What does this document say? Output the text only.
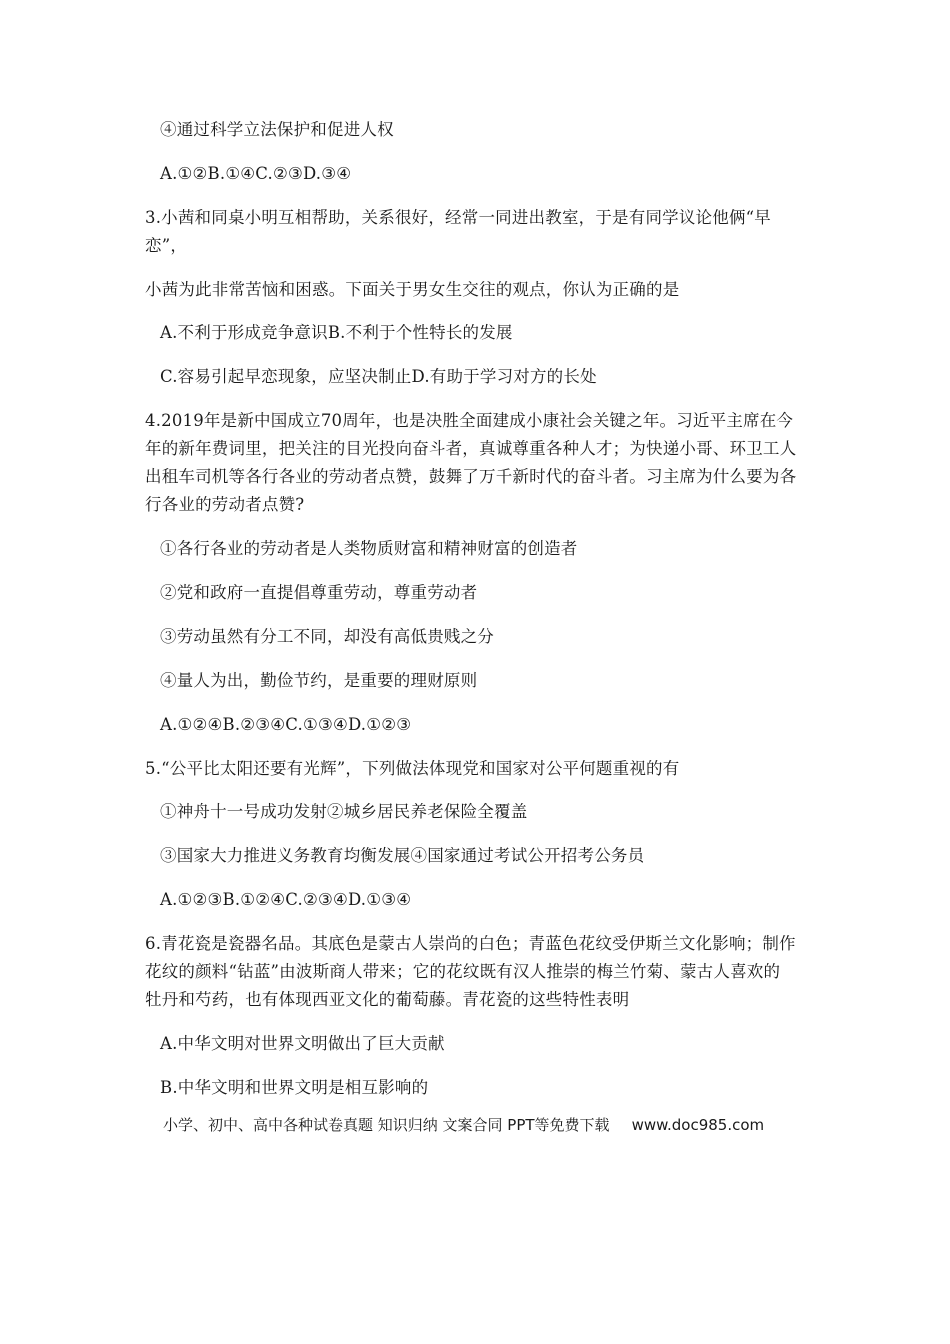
④通过科学立法保护和促进人权
A.①②B.①④C.②③D.③④
3.小茜和同桌小明互相帮助，关系很好，经常一同进出教室，于是有同学议论他俩“早
恋”，
小茜为此非常苦恼和困惑。下面关于男女生交往的观点，你认为正确的是
A.不利于形成竞争意识B.不利于个性特长的发展
C.容易引起早恋现象，应坚决制止D.有助于学习对方的长处
4.2019年是新中国成立70周年，也是决胜全面建成小康社会关键之年。习近平主席在今
年的新年费词里，把关注的目光投向奋斗者，真诚尊重各种人才；为快递小哥、环卫工人
出租车司机等各行各业的劳动者点赞，鼓舞了万千新时代的奋斗者。习主席为什么要为各
行各业的劳动者点赞?
①各行各业的劳动者是人类物质财富和精神财富的创造者
②党和政府一直提倡尊重劳动，尊重劳动者
③劳动虽然有分工不同，却没有高低贵贱之分
④量人为出，勤俭节约，是重要的理财原则
A.①②④B.②③④C.①③④D.①②③
5.“公平比太阳还要有光辉”，下列做法体现党和国家对公平何题重视的有
①神舟十一号成功发射②城乡居民养老保险全覆盖
③国家大力推进义务教育均衡发展④国家通过考试公开招考公务员
A.①②③B.①②④C.②③④D.①③④
6.青花瓷是瓷器名品。其底色是蒙古人崇尚的白色；青蓝色花纹受伊斯兰文化影响；制作
花纹的颜料“钻蓝”由波斯商人带来；它的花纹既有汉人推崇的梅兰竹菊、蒙古人喜欢的
牡丹和芍药，也有体现西亚文化的葡萄藤。青花瓷的这些特性表明
A.中华文明对世界文明做出了巨大贡献
B.中华文明和世界文明是相互影响的
小学、初中、高中各种试卷真题 知识归纳 文案合同 PPT等免费下载 www.doc985.com
